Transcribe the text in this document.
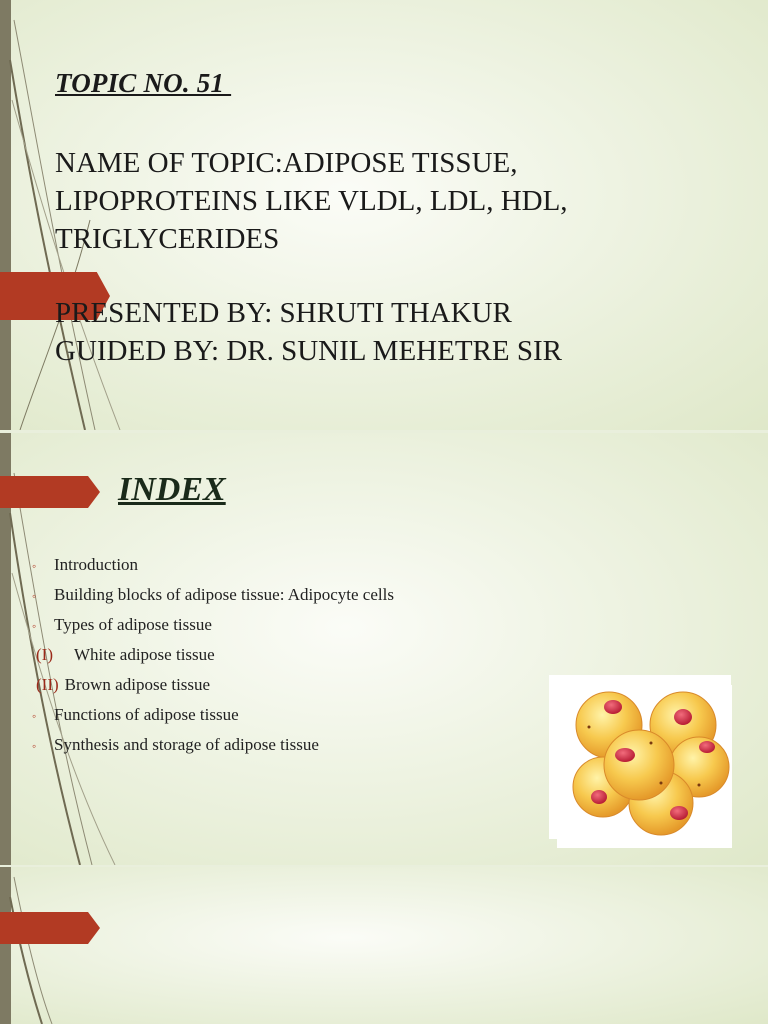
TOPIC NO. 51
NAME OF TOPIC:ADIPOSE TISSUE,
LIPOPROTEINS LIKE VLDL, LDL, HDL,
TRIGLYCERIDES
PRESENTED BY: SHRUTI THAKUR
GUIDED BY: DR. SUNIL MEHETRE SIR
INDEX
◦	Introduction
◦	Building blocks of adipose tissue: Adipocyte cells
◦	Types of adipose tissue
(I)	White adipose tissue
(II) Brown adipose tissue
◦	Functions of adipose tissue
◦	Synthesis and storage of adipose tissue
